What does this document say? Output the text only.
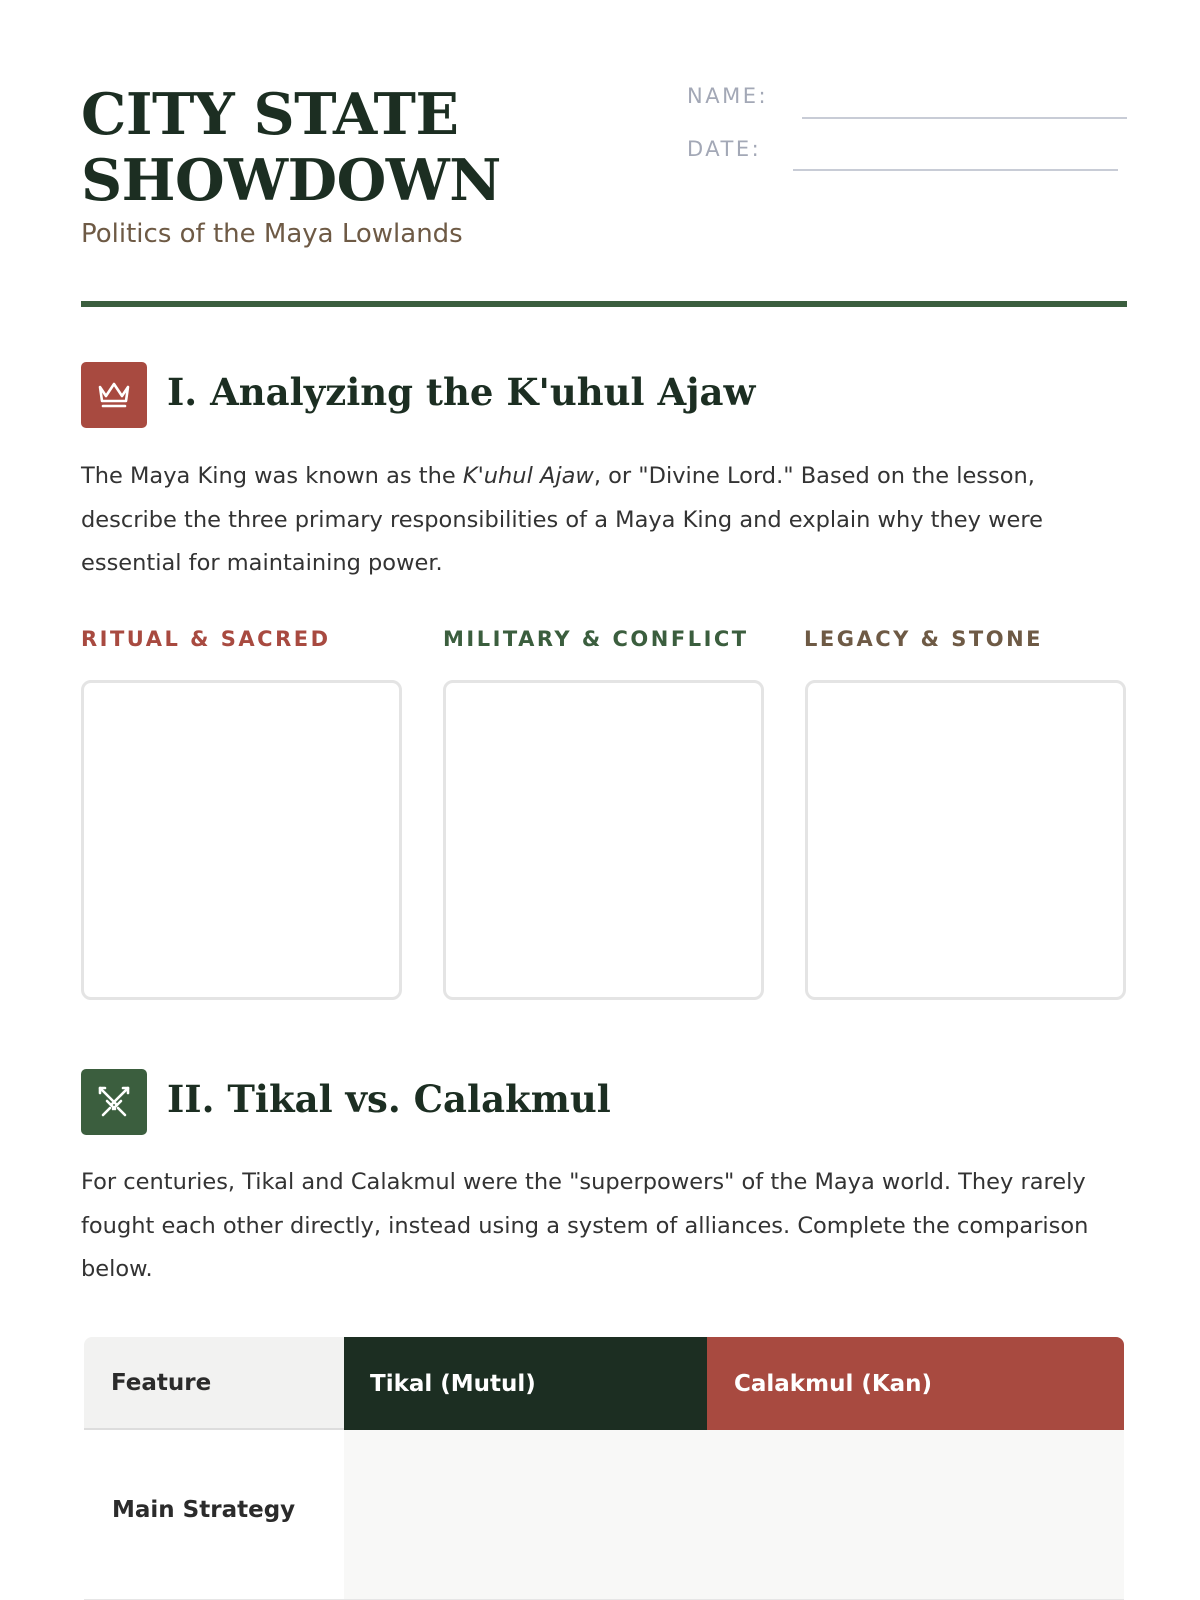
CITY STATE
SHOWDOWN
Politics of the Maya Lowlands
NAME:
DATE:
I. Analyzing the K'uhul Ajaw

The Maya King was known as the K'uhul Ajaw, or "Divine Lord." Based on the lesson, describe the three primary responsibilities of a Maya King and explain why they were essential for maintaining power.

RITUAL & SACRED	MILITARY & CONFLICT	LEGACY & STONE
II. Tikal vs. Calakmul

For centuries, Tikal and Calakmul were the "superpowers" of the Maya world. They rarely fought each other directly, instead using a system of alliances. Complete the comparison below.

Feature	Tikal (Mutul)	Calakmul (Kan)
Main Strategy
